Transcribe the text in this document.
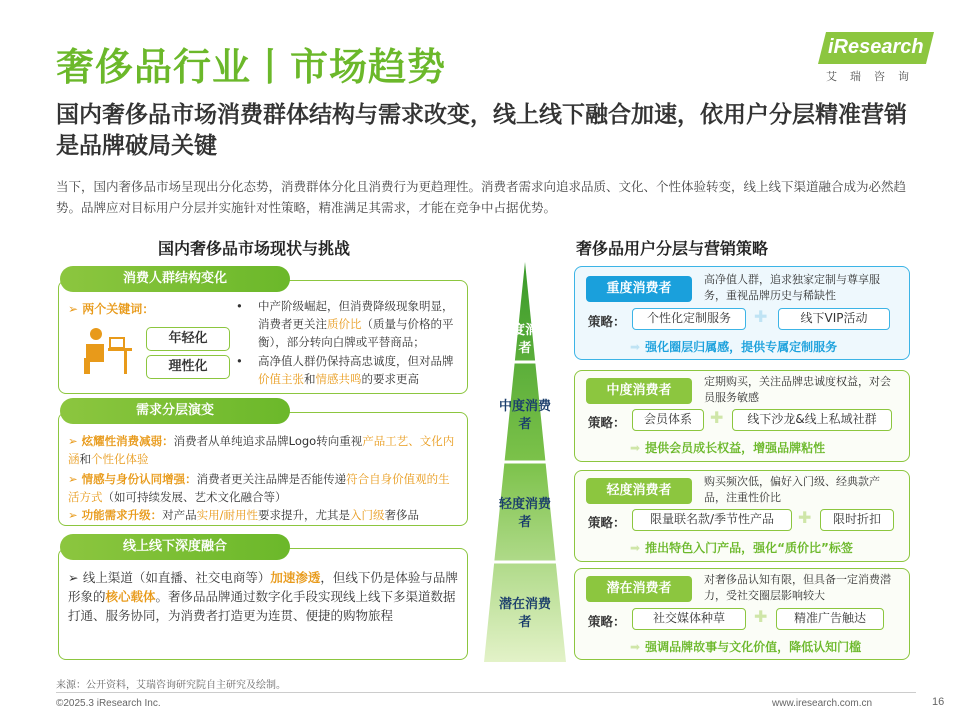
奢侈品行业丨市场趋势	iResearch
艾瑞咨询
国内奢侈品市场消费群体结构与需求改变，线上线下融合加速，依用户分层精准营销是品牌破局关键
当下，国内奢侈品市场呈现出分化态势，消费群体分化且消费行为更趋理性。消费者需求向追求品质、文化、个性体验转变，线上线下渠道融合成为必然趋势。品牌应对目标用户分层并实施针对性策略，精准满足其需求，才能在竞争中占据优势。
国内奢侈品市场现状与挑战
消费人群结构变化
➢ 两个关键词：
年轻化
理性化
•	中产阶级崛起，但消费降级现象明显，消费者更关注质价比（质量与价格的平衡），部分转向白牌或平替商品；
•	高净值人群仍保持高忠诚度，但对品牌价值主张和情感共鸣的要求更高
需求分层演变
➢ 炫耀性消费减弱：消费者从单纯追求品牌Logo转向重视产品工艺、文化内涵和个性化体验
➢ 情感与身份认同增强：消费者更关注品牌是否能传递符合自身价值观的生活方式（如可持续发展、艺术文化融合等）
➢ 功能需求升级：对产品实用/耐用性要求提升，尤其是入门级奢侈品
线上线下深度融合
➢ 线上渠道（如直播、社交电商等）加速渗透，但线下仍是体验与品牌形象的核心载体。奢侈品品牌通过数字化手段实现线上线下多渠道数据打通、服务协同，为消费者打造更为连贯、便捷的购物旅程
重度消费者
中度消费者
轻度消费者
潜在消费者
奢侈品用户分层与营销策略
重度消费者
高净值人群，追求独家定制与尊享服务，重视品牌历史与稀缺性
策略：	个性化定制服务	✚	线下VIP活动
➡ 强化圈层归属感，提供专属定制服务
中度消费者
定期购买，关注品牌忠诚度权益，对会员服务敏感
策略：	会员体系	✚	线下沙龙&线上私域社群
➡ 提供会员成长权益，增强品牌粘性
轻度消费者
购买频次低，偏好入门级、经典款产品，注重性价比
策略：	限量联名款/季节性产品	✚	限时折扣
➡ 推出特色入门产品，强化“质价比”标签
潜在消费者
对奢侈品认知有限，但具备一定消费潜力，受社交圈层影响较大
策略：	社交媒体种草	✚	精准广告触达
➡ 强调品牌故事与文化价值，降低认知门槛
来源：公开资料，艾瑞咨询研究院自主研究及绘制。
©2025.3 iResearch Inc.	www.iresearch.com.cn	16
